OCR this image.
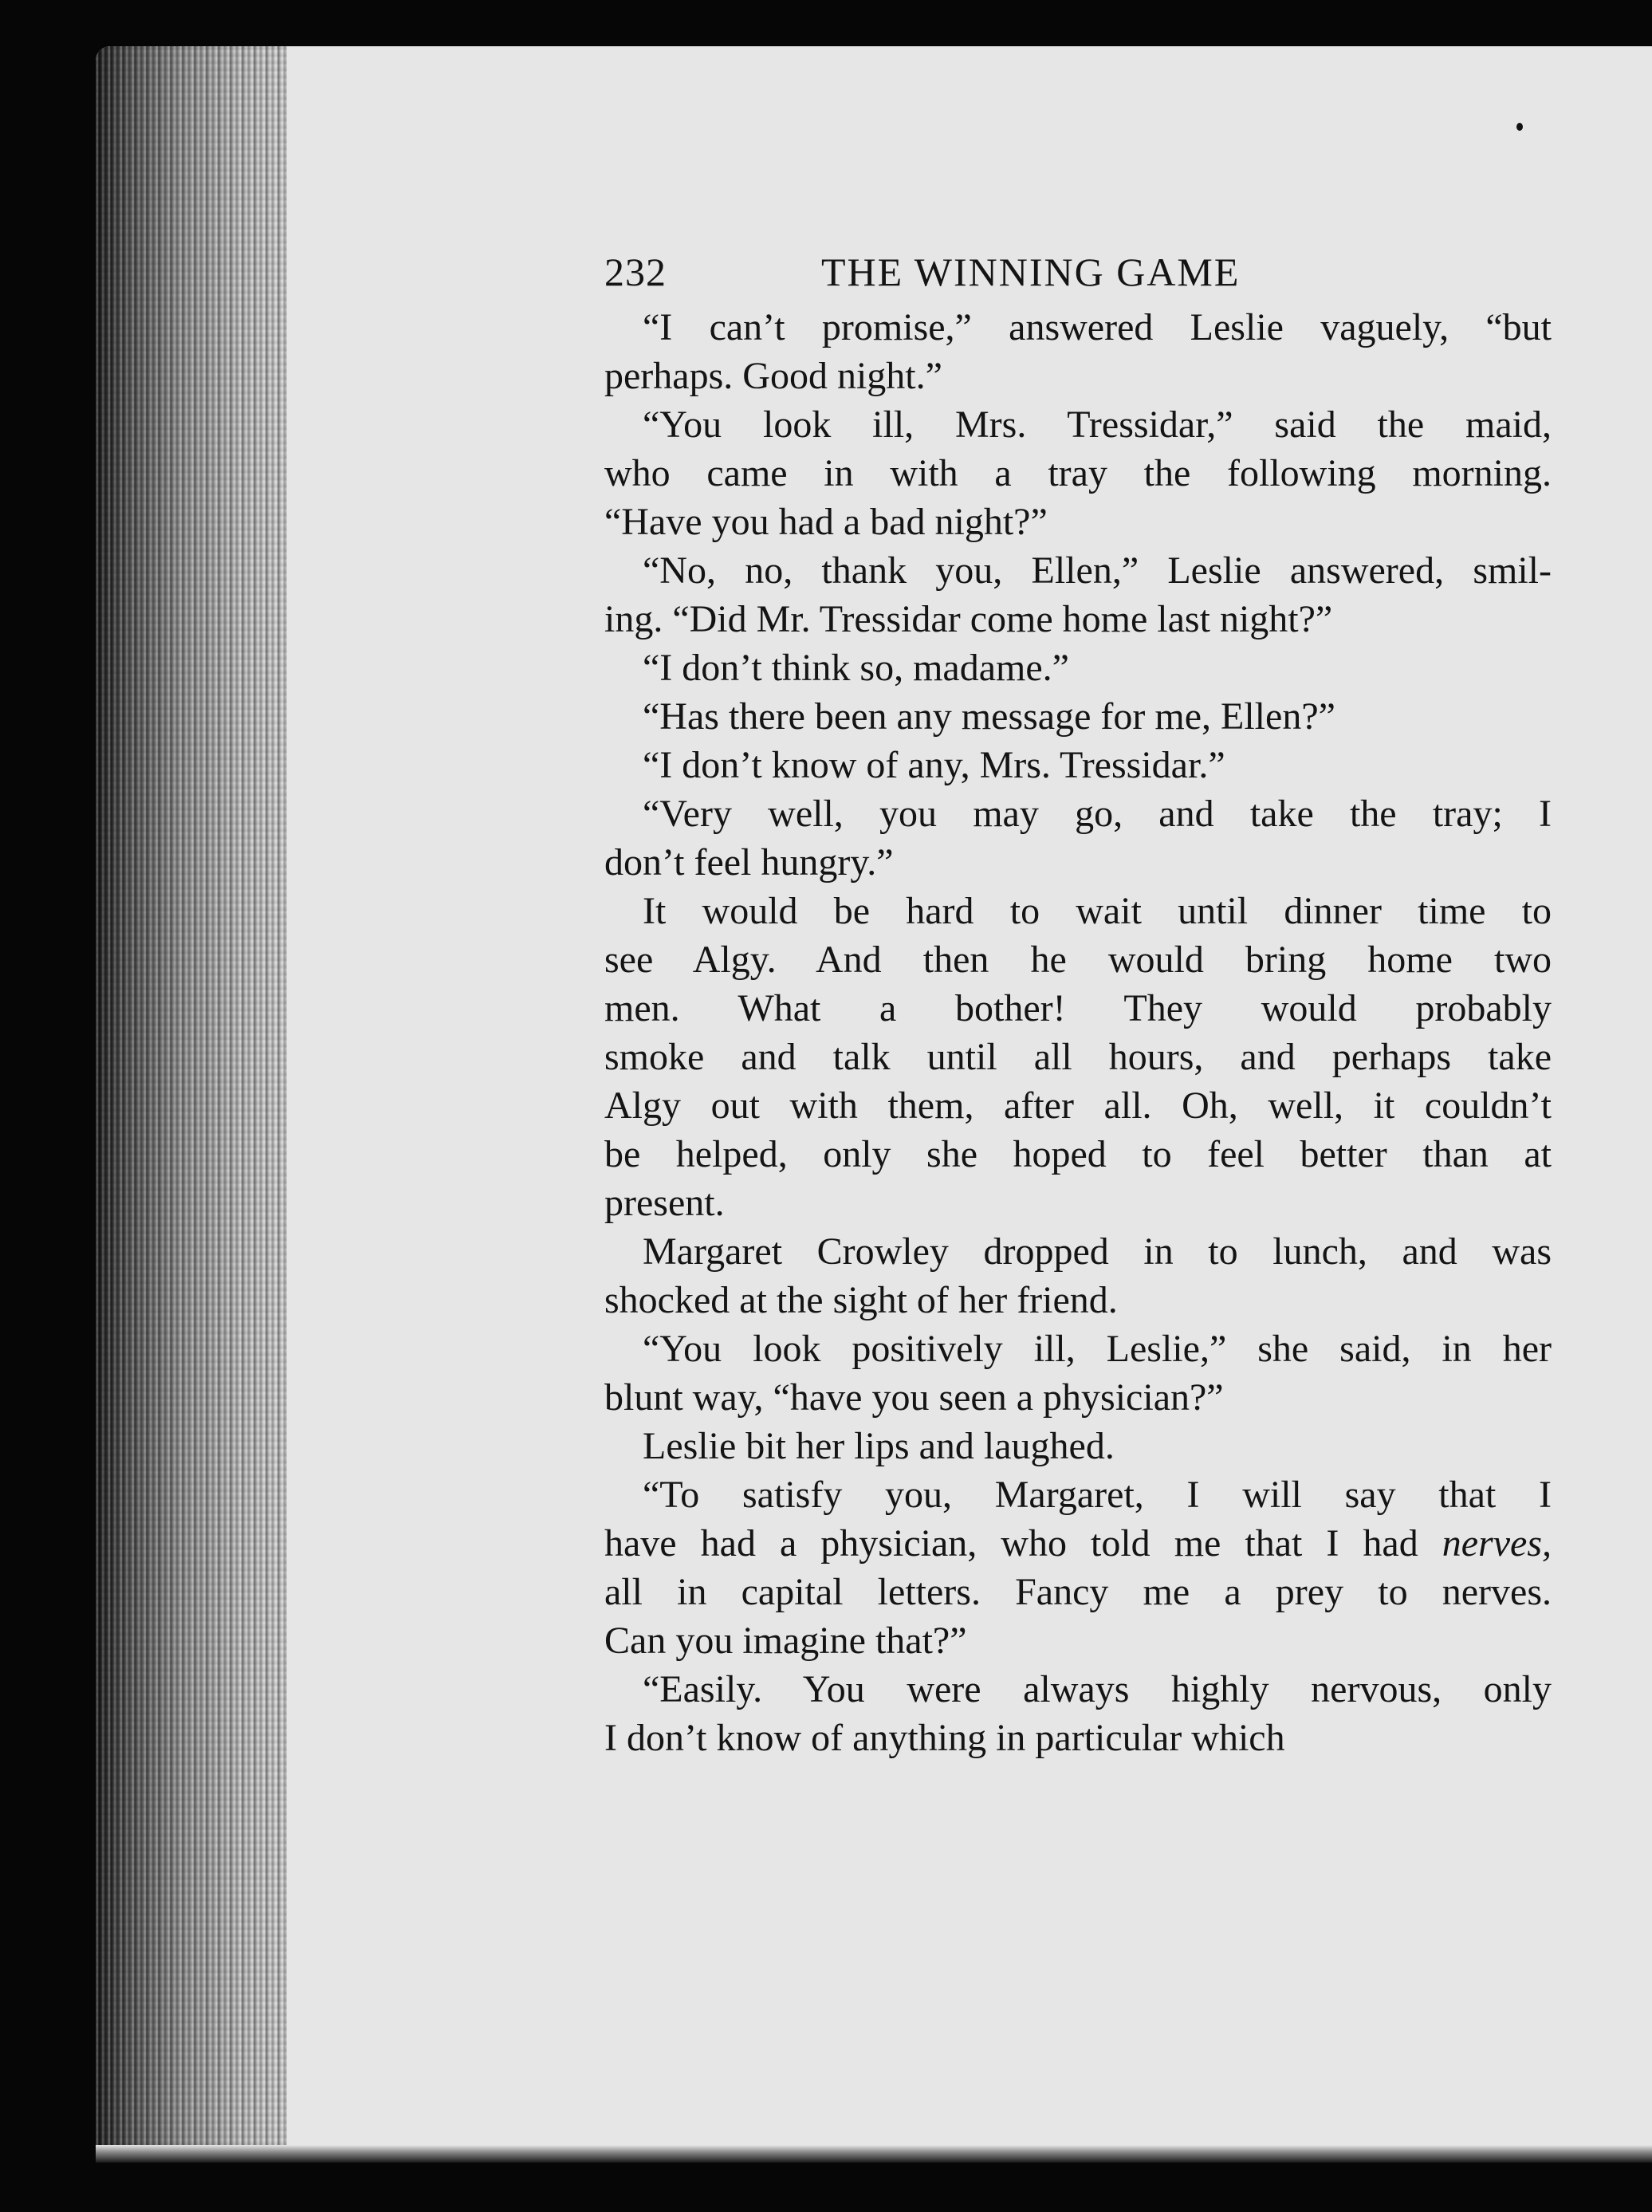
232	THE WINNING GAME
“I can’t promise,” answered Leslie vaguely, “but
perhaps. Good night.”
“You look ill, Mrs. Tressidar,” said the maid,
who came in with a tray the following morning.
“Have you had a bad night?”
“No, no, thank you, Ellen,” Leslie answered, smil-
ing. “Did Mr. Tressidar come home last night?”
“I don’t think so, madame.”
“Has there been any message for me, Ellen?”
“I don’t know of any, Mrs. Tressidar.”
“Very well, you may go, and take the tray; I
don’t feel hungry.”
It would be hard to wait until dinner time to
see Algy. And then he would bring home two
men. What a bother! They would probably
smoke and talk until all hours, and perhaps take
Algy out with them, after all. Oh, well, it couldn’t
be helped, only she hoped to feel better than at
present.
Margaret Crowley dropped in to lunch, and was
shocked at the sight of her friend.
“You look positively ill, Leslie,” she said, in her
blunt way, “have you seen a physician?”
Leslie bit her lips and laughed.
“To satisfy you, Margaret, I will say that I
have had a physician, who told me that I had nerves,
all in capital letters. Fancy me a prey to nerves.
Can you imagine that?”
“Easily. You were always highly nervous, only
I don’t know of anything in particular which
